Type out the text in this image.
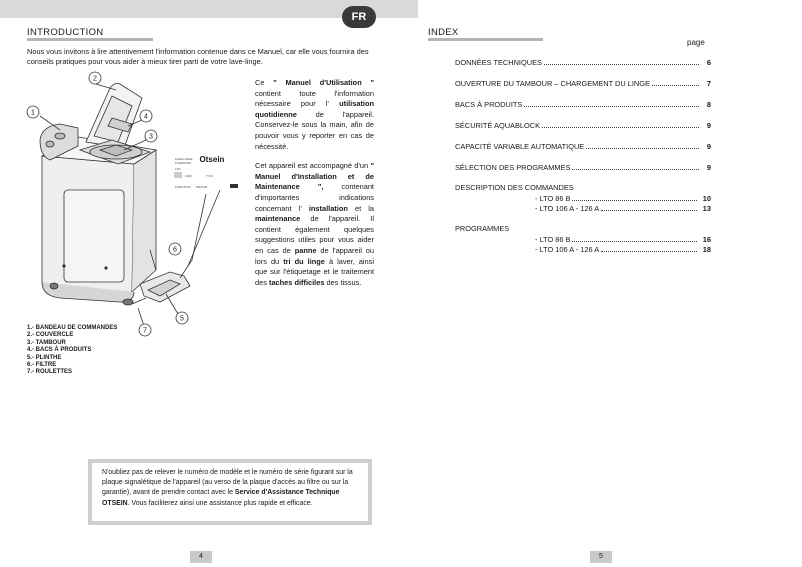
FR
INTRODUCTION
Nous vous invitons à lire attentivement l'information contenue dans ce Manuel, car elle vous fournira des conseils pratiques pour vous aider à mieux tirer parti de votre lave-linge.
LAVE-LINGE
LAVADORA
LTO
1400	T 6/3
FONCTION PROGR.
1
2
3
4
5
6
7
Otsein

Ce " Manuel d'Utilisation " contient toute l'information nécessaire pour l' utilisation quotidienne de l'appareil. Conservez-le sous la main, afin de pouvoir vous y reporter en cas de nécessité.

Cet appareil est accompagné d'un " Manuel d'Installation et de Maintenance ", contenant d'importantes indications concernant l' installation et la maintenance de l'appareil. Il contient également quelques suggestions utiles pour vous aider en cas de panne de l'appareil ou lors du tri du linge à laver, ainsi que sur l'étiquetage et le traitement des taches difficiles des tissus.

1.- BANDEAU DE COMMANDES
2.- COUVERCLE
3.- TAMBOUR
4.- BACS À PRODUITS
5.- PLINTHE
6.- FILTRE
7.- ROULETTES
N'oubliez pas de relever le numéro de modèle et le numéro de série figurant sur la plaque signalétique de l'appareil (au verso de la plaque d'accès au filtre ou sur la garantie), avant de prendre contact avec le Service d'Assistance Technique OTSEIN. Vous faciliterez ainsi une assistance plus rapide et efficace.
4
INDEX
page
DONNÉES TECHNIQUES	6
OUVERTURE DU TAMBOUR – CHARGEMENT DU LINGE	7
BACS À PRODUITS	8
SÉCURITÉ AQUABLOCK	9
CAPACITÉ VARIABLE AUTOMATIQUE	9
SÉLECTION DES PROGRAMMES	9
DESCRIPTION DES COMMANDES
- LTO 86 B	10
- LTO 106 A - 126 A	13
PROGRAMMES
- LTO 86 B	16
- LTO 106 A - 126 A	18
5
